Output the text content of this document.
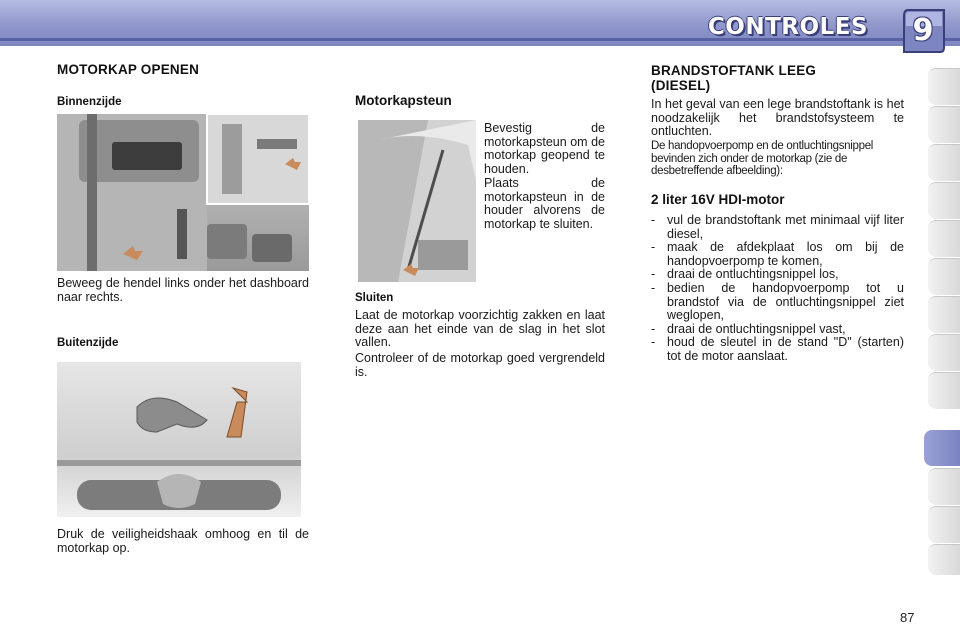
CONTROLES	9
MOTORKAP OPENEN
Binnenzijde
Beweeg de hendel links onder het dashboard naar rechts.
Buitenzijde
Druk de veiligheidshaak omhoog en til de motorkap op.
Motorkapsteun
Bevestig de motorkapsteun om de motorkap geopend te houden.
Plaats de motorkapsteun in de houder alvorens de motorkap te sluiten.
Sluiten
Laat de motorkap voorzichtig zakken en laat deze aan het einde van de slag in het slot vallen.
Controleer of de motorkap goed vergrendeld is.
BRANDSTOFTANK LEEG (DIESEL)
In het geval van een lege brandstoftank is het noodzakelijk het brandstofsysteem te ontluchten.
De handopvoerpomp en de ontluchtingsnippel bevinden zich onder de motorkap (zie de desbetreffende afbeelding):
2 liter 16V HDI-motor
- vul de brandstoftank met minimaal vijf liter diesel,
- maak de afdekplaat los om bij de handopvoerpomp te komen,
- draai de ontluchtingsnippel los,
- bedien de handopvoerpomp tot u brandstof via de ontluchtingsnippel ziet weglopen,
- draai de ontluchtingsnippel vast,
- houd de sleutel in de stand "D" (starten) tot de motor aanslaat.
87
